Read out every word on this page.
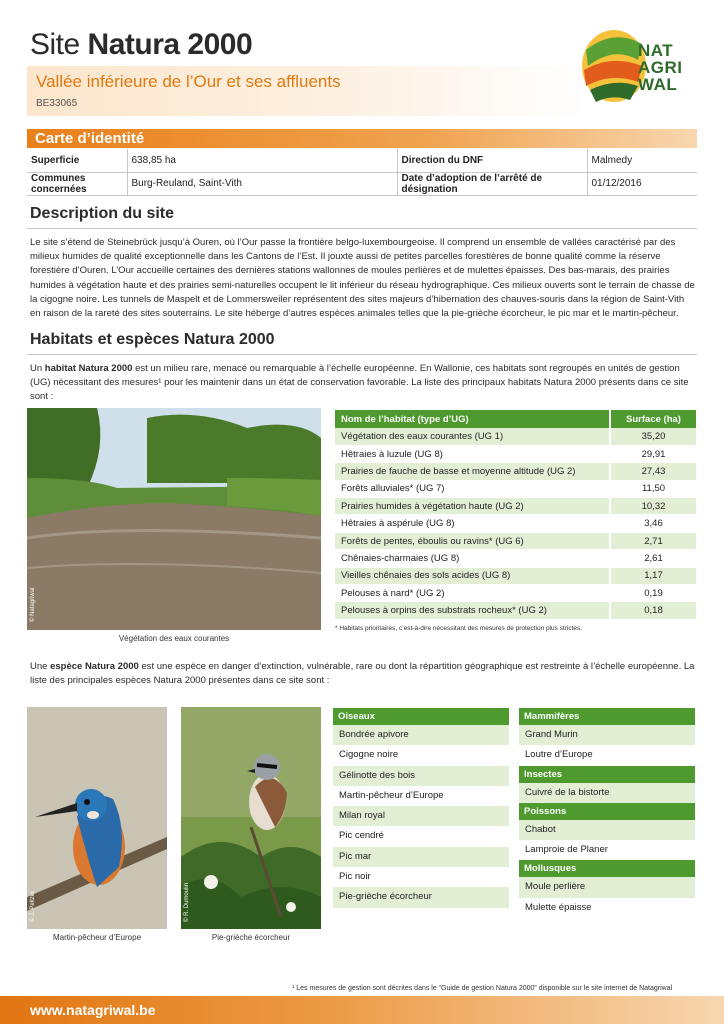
Site Natura 2000
Vallée inférieure de l’Our et ses affluents
BE33065
NAT
AGRI
WAL
Carte d’identité
Superficie	638,85 ha	Direction du DNF	Malmedy
Communes concernées	Burg-Reuland, Saint-Vith	Date d’adoption de l’arrêté de désignation	01/12/2016
Description du site
Le site s’étend de Steinebrück jusqu’à Ouren, où l’Our passe la frontière belgo-luxembourgeoise. Il comprend un ensemble de vallées caractérisé par des milieux humides de qualité exceptionnelle dans les Cantons de l’Est. Il jouxte aussi de petites parcelles forestières de bonne qualité comme la réserve forestière d’Ouren. L’Our accueille certaines des dernières stations wallonnes de moules perlières et de mulettes épaisses. Des bas-marais, des prairies humides à végétation haute et des prairies semi-naturelles occupent le lit inférieur du réseau hydrographique. Ces milieux ouverts sont le terrain de chasse de la cigogne noire. Les tunnels de Maspelt et de Lommersweiler représentent des sites majeurs d’hibernation des chauves-souris dans la région de Saint-Vith en raison de la rareté des sites souterrains. Le site héberge d’autres espèces animales telles que la pie-grièche écorcheur, le pic mar et le martin-pêcheur.
Habitats et espèces Natura 2000
Un habitat Natura 2000 est un milieu rare, menacé ou remarquable à l’échelle européenne. En Wallonie, ces habitats sont regroupés en unités de gestion (UG) nécessitant des mesures¹ pour les maintenir dans un état de conservation favorable. La liste des principaux habitats Natura 2000 présents dans ce site sont :
© Natagriwal
Végétation des eaux courantes
Nom de l’habitat (type d’UG)	Surface (ha)
Végétation des eaux courantes (UG 1)	35,20
Hêtraies à luzule (UG 8)	29,91
Prairies de fauche de basse et moyenne altitude (UG 2)	27,43
Forêts alluviales* (UG 7)	11,50
Prairies humides à végétation haute (UG 2)	10,32
Hêtraies à aspérule (UG 8)	3,46
Forêts de pentes, éboulis ou ravins* (UG 6)	2,71
Chênaies-charmaies (UG 8)	2,61
Vieilles chênaies des sols acides (UG 8)	1,17
Pelouses à nard* (UG 2)	0,19
Pelouses à orpins des substrats rocheux* (UG 2)	0,18
* Habitats prioritaires, c’est-à-dire nécessitant des mesures de protection plus strictes.
Une espèce Natura 2000 est une espèce en danger d’extinction, vulnérable, rare ou dont la répartition géographique est restreinte à l’échelle européenne. La liste des principales espèces Natura 2000 présentes dans ce site sont :
© J. Peltzer
Martin-pêcheur d’Europe
© R. Dumoulin
Pie-grièche écorcheur
Oiseaux
Bondrée apivore
Cigogne noire
Gélinotte des bois
Martin-pêcheur d’Europe
Milan royal
Pic cendré
Pic mar
Pic noir
Pie-grièche écorcheur
Mammifères
Grand Murin
Loutre d’Europe
Insectes
Cuivré de la bistorte
Poissons
Chabot
Lamproie de Planer
Mollusques
Moule perlière
Mulette épaisse
¹ Les mesures de gestion sont décrites dans le “Guide de gestion Natura 2000” disponible sur le site internet de Natagriwal
www.natagriwal.be
